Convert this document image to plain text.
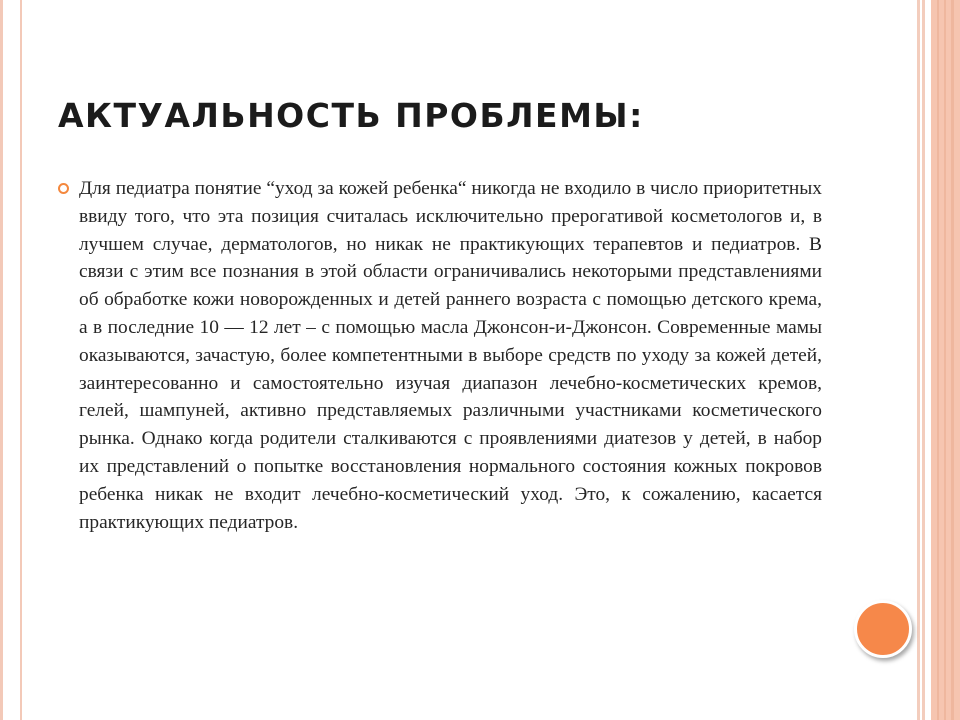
АКТУАЛЬНОСТЬ ПРОБЛЕМЫ:

Для педиатра понятие “уход за кожей ребенка“ никогда не входило в число приоритетных ввиду того, что эта позиция считалась исключительно прерогативой косметологов и, в лучшем случае, дерматологов, но никак не практикующих терапевтов и педиатров. В связи с этим все познания в этой области ограничивались некоторыми представлениями об обработке кожи новорожденных и детей раннего возраста с помощью детского крема, а в последние 10 — 12 лет – с помощью масла Джонсон-и-Джонсон. Современные мамы оказываются, зачастую, более компетентными в выборе средств по уходу за кожей детей, заинтересованно и самостоятельно изучая диапазон лечебно-косметических кремов, гелей, шампуней, активно представляемых различными участниками косметического рынка. Однако когда родители сталкиваются с проявлениями диатезов у детей, в набор их представлений о попытке восстановления нормального состояния кожных покровов ребенка никак не входит лечебно-косметический уход. Это, к сожалению, касается практикующих педиатров.
